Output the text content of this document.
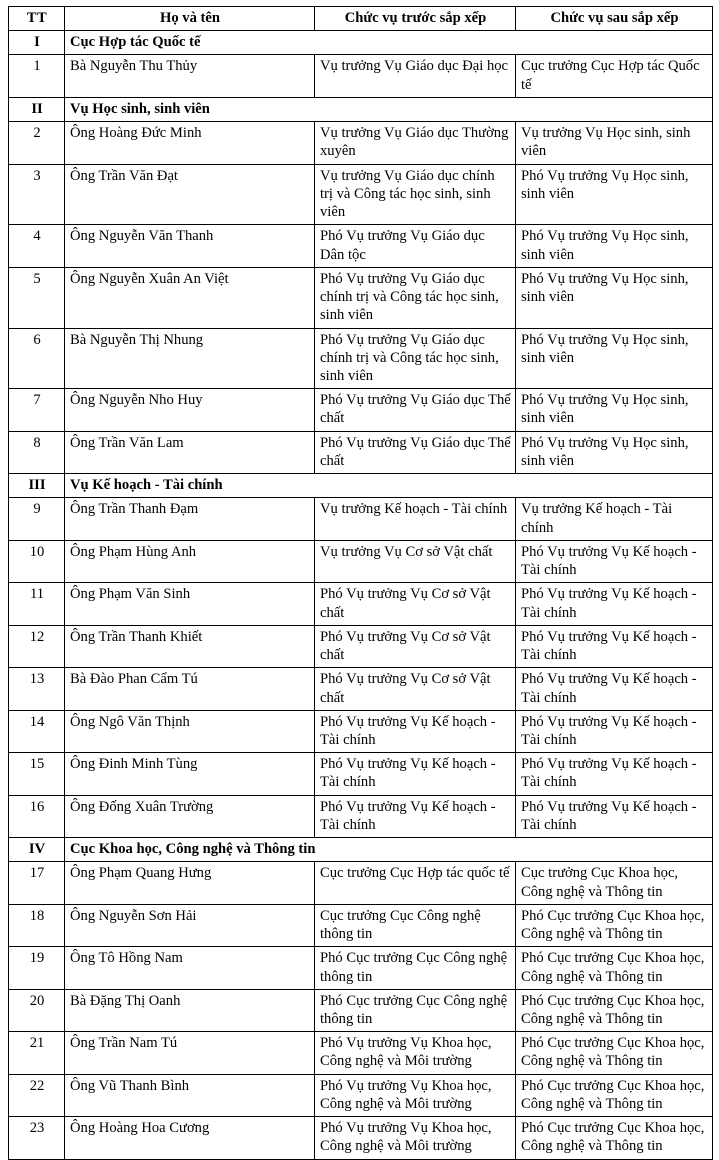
TT	Họ và tên	Chức vụ trước sắp xếp	Chức vụ sau sắp xếp
I	Cục Hợp tác Quốc tế		
1	Bà Nguyễn Thu Thủy	Vụ trưởng Vụ Giáo dục Đại học	Cục trưởng Cục Hợp tác Quốc tế
II	Vụ Học sinh, sinh viên		
2	Ông Hoàng Đức Minh	Vụ trưởng Vụ Giáo dục Thường xuyên	Vụ trưởng Vụ Học sinh, sinh viên
3	Ông Trần Văn Đạt	Vụ trưởng Vụ Giáo dục chính trị và Công tác học sinh, sinh viên	Phó Vụ trưởng Vụ Học sinh, sinh viên
4	Ông Nguyễn Văn Thanh	Phó Vụ trưởng Vụ Giáo dục Dân tộc	Phó Vụ trưởng Vụ Học sinh, sinh viên
5	Ông Nguyễn Xuân An Việt	Phó Vụ trưởng Vụ Giáo dục chính trị và Công tác học sinh, sinh viên	Phó Vụ trưởng Vụ Học sinh, sinh viên
6	Bà Nguyễn Thị Nhung	Phó Vụ trưởng Vụ Giáo dục chính trị và Công tác học sinh, sinh viên	Phó Vụ trưởng Vụ Học sinh, sinh viên
7	Ông Nguyễn Nho Huy	Phó Vụ trưởng Vụ Giáo dục Thể chất	Phó Vụ trưởng Vụ Học sinh, sinh viên
8	Ông Trần Văn Lam	Phó Vụ trưởng Vụ Giáo dục Thể chất	Phó Vụ trưởng Vụ Học sinh, sinh viên
III	Vụ Kế hoạch - Tài chính		
9	Ông Trần Thanh Đạm	Vụ trưởng Kế hoạch - Tài chính	Vụ trưởng Kế hoạch - Tài chính
10	Ông Phạm Hùng Anh	Vụ trưởng Vụ Cơ sở Vật chất	Phó Vụ trưởng Vụ Kế hoạch - Tài chính
11	Ông Phạm Văn Sinh	Phó Vụ trưởng Vụ Cơ sở Vật chất	Phó Vụ trưởng Vụ Kế hoạch - Tài chính
12	Ông Trần Thanh Khiết	Phó Vụ trưởng Vụ Cơ sở Vật chất	Phó Vụ trưởng Vụ Kế hoạch - Tài chính
13	Bà Đào Phan Cẩm Tú	Phó Vụ trưởng Vụ Cơ sở Vật chất	Phó Vụ trưởng Vụ Kế hoạch - Tài chính
14	Ông Ngô Văn Thịnh	Phó Vụ trưởng Vụ Kế hoạch - Tài chính	Phó Vụ trưởng Vụ Kế hoạch - Tài chính
15	Ông Đinh Minh Tùng	Phó Vụ trưởng Vụ Kế hoạch - Tài chính	Phó Vụ trưởng Vụ Kế hoạch - Tài chính
16	Ông Đống Xuân Trường	Phó Vụ trưởng Vụ Kế hoạch - Tài chính	Phó Vụ trưởng Vụ Kế hoạch - Tài chính
IV	Cục Khoa học, Công nghệ và Thông tin		
17	Ông Phạm Quang Hưng	Cục trưởng Cục Hợp tác quốc tế	Cục trưởng Cục Khoa học, Công nghệ và Thông tin
18	Ông Nguyễn Sơn Hải	Cục trưởng Cục Công nghệ thông tin	Phó Cục trưởng Cục Khoa học, Công nghệ và Thông tin
19	Ông Tô Hồng Nam	Phó Cục trưởng Cục Công nghệ thông tin	Phó Cục trưởng Cục Khoa học, Công nghệ và Thông tin
20	Bà Đặng Thị Oanh	Phó Cục trưởng Cục Công nghệ thông tin	Phó Cục trưởng Cục Khoa học, Công nghệ và Thông tin
21	Ông Trần Nam Tú	Phó Vụ trưởng Vụ Khoa học, Công nghệ và Môi trường	Phó Cục trưởng Cục Khoa học, Công nghệ và Thông tin
22	Ông Vũ Thanh Bình	Phó Vụ trưởng Vụ Khoa học, Công nghệ và Môi trường	Phó Cục trưởng Cục Khoa học, Công nghệ và Thông tin
23	Ông Hoàng Hoa Cương	Phó Vụ trưởng Vụ Khoa học, Công nghệ và Môi trường	Phó Cục trưởng Cục Khoa học, Công nghệ và Thông tin
